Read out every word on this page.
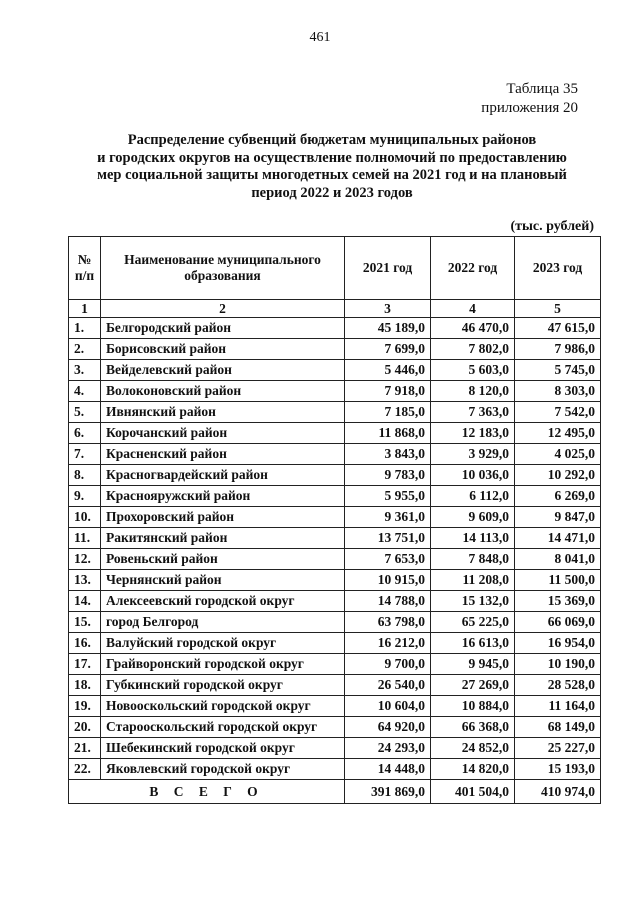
461
Таблица 35
приложения 20
Распределение субвенций бюджетам муниципальных районов
и городских округов на осуществление полномочий по предоставлению
мер социальной защиты многодетных семей на 2021 год и на плановый
период 2022 и 2023 годов
(тыс. рублей)
№ п/п	Наименование муниципального образования	2021 год	2022 год	2023 год
1	2	3	4	5
1.	Белгородский район	45 189,0	46 470,0	47 615,0
2.	Борисовский район	7 699,0	7 802,0	7 986,0
3.	Вейделевский район	5 446,0	5 603,0	5 745,0
4.	Волоконовский район	7 918,0	8 120,0	8 303,0
5.	Ивнянский район	7 185,0	7 363,0	7 542,0
6.	Корочанский район	11 868,0	12 183,0	12 495,0
7.	Красненский район	3 843,0	3 929,0	4 025,0
8.	Красногвардейский район	9 783,0	10 036,0	10 292,0
9.	Краснояружский район	5 955,0	6 112,0	6 269,0
10.	Прохоровский район	9 361,0	9 609,0	9 847,0
11.	Ракитянский район	13 751,0	14 113,0	14 471,0
12.	Ровеньский район	7 653,0	7 848,0	8 041,0
13.	Чернянский район	10 915,0	11 208,0	11 500,0
14.	Алексеевский городской округ	14 788,0	15 132,0	15 369,0
15.	город Белгород	63 798,0	65 225,0	66 069,0
16.	Валуйский городской округ	16 212,0	16 613,0	16 954,0
17.	Грайворонский городской округ	9 700,0	9 945,0	10 190,0
18.	Губкинский городской округ	26 540,0	27 269,0	28 528,0
19.	Новооскольский городской округ	10 604,0	10 884,0	11 164,0
20.	Старооскольский городской округ	64 920,0	66 368,0	68 149,0
21.	Шебекинский городской округ	24 293,0	24 852,0	25 227,0
22.	Яковлевский городской округ	14 448,0	14 820,0	15 193,0
В С Е Г О		391 869,0	401 504,0	410 974,0
